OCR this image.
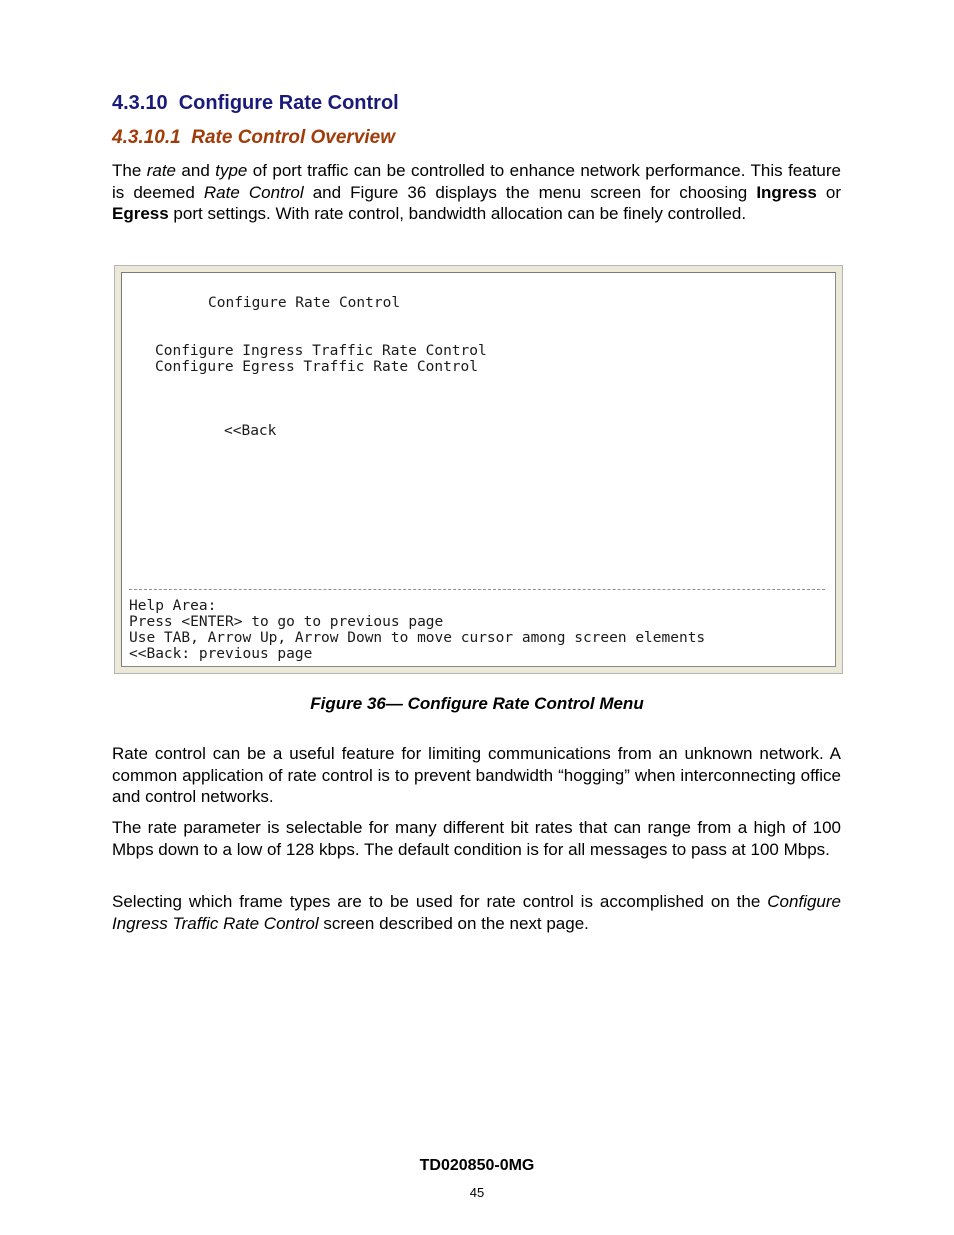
4.3.10 Configure Rate Control
4.3.10.1 Rate Control Overview

The rate and type of port traffic can be controlled to enhance network performance. This feature is deemed Rate Control and Figure 36 displays the menu screen for choosing Ingress or Egress port settings. With rate control, bandwidth allocation can be finely controlled.

Configure Rate Control
Configure Ingress Traffic Rate Control
Configure Egress Traffic Rate Control
<<Back
Help Area:
Press <ENTER> to go to previous page
Use TAB, Arrow Up, Arrow Down to move cursor among screen elements
<<Back: previous page

Figure 36— Configure Rate Control Menu

Rate control can be a useful feature for limiting communications from an unknown network. A common application of rate control is to prevent bandwidth “hogging” when interconnecting office and control networks.

The rate parameter is selectable for many different bit rates that can range from a high of 100 Mbps down to a low of 128 kbps. The default condition is for all messages to pass at 100 Mbps.

Selecting which frame types are to be used for rate control is accomplished on the Configure Ingress Traffic Rate Control screen described on the next page.

TD020850-0MG
45
